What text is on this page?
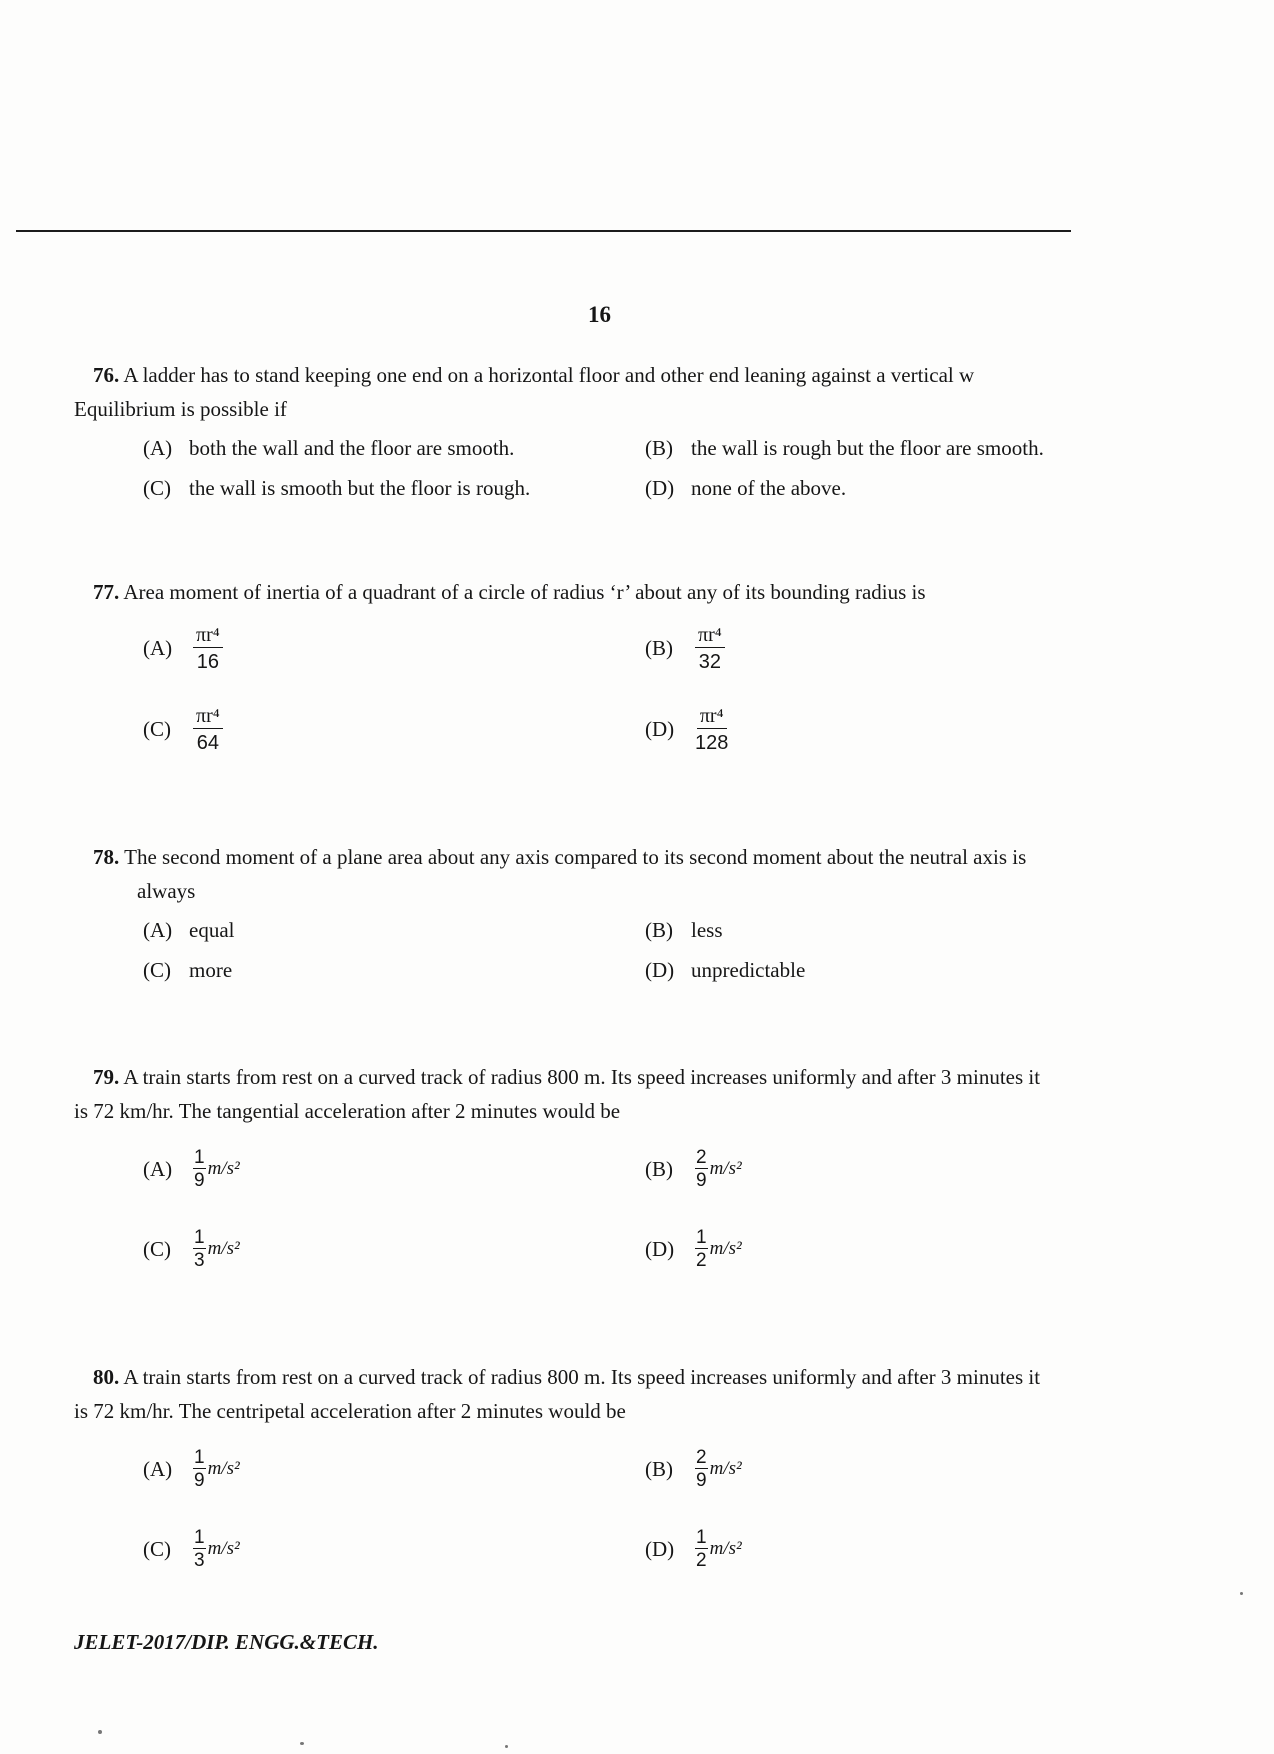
16
76. A ladder has to stand keeping one end on a horizontal floor and other end leaning against a vertical w
Equilibrium is possible if
(A) both the wall and the floor are smooth.	(B) the wall is rough but the floor are smooth.
(C) the wall is smooth but the floor is rough.	(D) none of the above.
77. Area moment of inertia of a quadrant of a circle of radius ‘r’ about any of its bounding radius is
(A)	$\frac{\text{πr⁴}}{16}$	(B)	$\frac{\text{πr⁴}}{32}$
(C)	$\frac{\text{πr⁴}}{64}$	(D)	$\frac{\text{πr⁴}}{128}$
78. The second moment of a plane area about any axis compared to its second moment about the neutral axis is
always
(A) equal	(B) less
(C) more	(D) unpredictable
79. A train starts from rest on a curved track of radius 800 m. Its speed increases uniformly and after 3 minutes it
is 72 km/hr. The tangential acceleration after 2 minutes would be
(A)	$\frac{1}{9} m/s^2$	(B)	$\frac{2}{9} m/s^2$
(C)	$\frac{1}{3} m/s^2$	(D)	$\frac{1}{2} m/s^2$
80. A train starts from rest on a curved track of radius 800 m. Its speed increases uniformly and after 3 minutes it
is 72 km/hr. The centripetal acceleration after 2 minutes would be
(A)	$\frac{1}{9} m/s^2$	(B)	$\frac{2}{9} m/s^2$
(C)	$\frac{1}{3} m/s^2$	(D)	$\frac{1}{2} m/s^2$
JELET-2017/DIP. ENGG.&TECH.
